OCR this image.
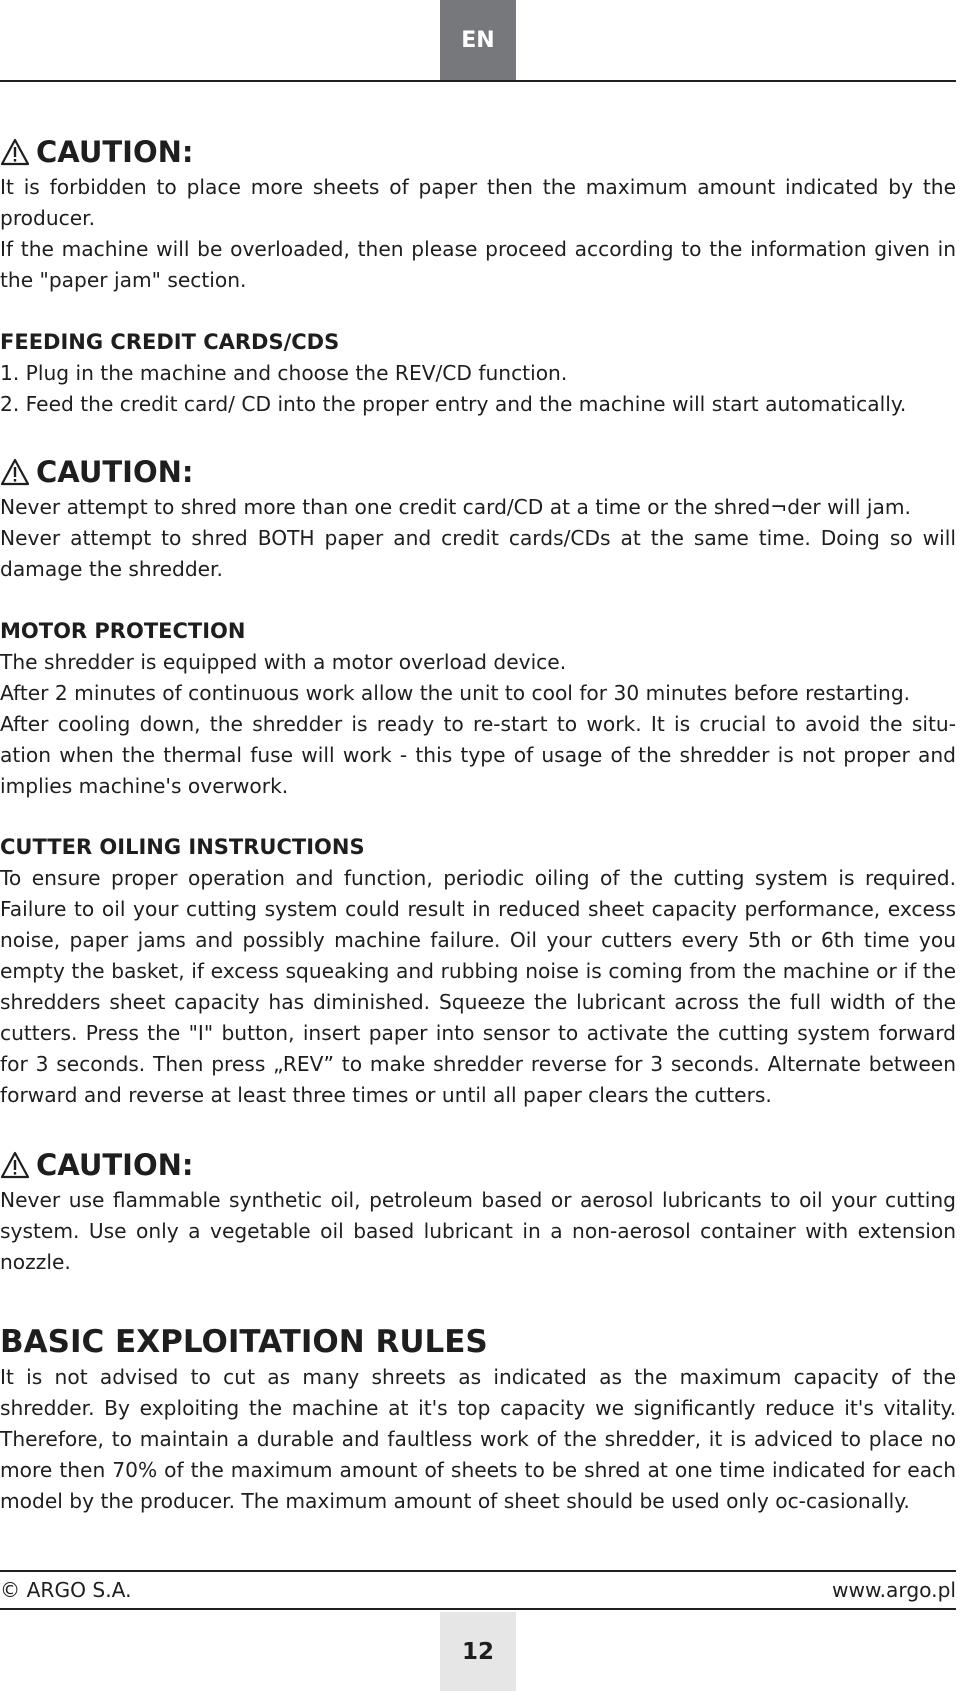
EN
CAUTION:

It is forbidden to place more sheets of paper then the maximum amount indicated by the producer.

If the machine will be overloaded, then please proceed according to the information given in the "paper jam" section.

FEEDING CREDIT CARDS/CDS

1. Plug in the machine and choose the REV/CD function.

2. Feed the credit card/ CD into the proper entry and the machine will start automatically.

CAUTION:

Never attempt to shred more than one credit card/CD at a time or the shred¬der will jam.

Never attempt to shred BOTH paper and credit cards/CDs at the same time. Doing so will damage the shredder.

MOTOR PROTECTION

The shredder is equipped with a motor overload device.

After 2 minutes of continuous work allow the unit to cool for 30 minutes before restarting.

After cooling down, the shredder is ready to re-start to work. It is crucial to avoid the situ-ation when the thermal fuse will work - this type of usage of the shredder is not proper and implies machine's overwork.

CUTTER OILING INSTRUCTIONS

To ensure proper operation and function, periodic oiling of the cutting system is required. Failure to oil your cutting system could result in reduced sheet capacity performance, excess noise, paper jams and possibly machine failure. Oil your cutters every 5th or 6th time you empty the basket, if excess squeaking and rubbing noise is coming from the machine or if the shredders sheet capacity has diminished. Squeeze the lubricant across the full width of the cutters. Press the "I" button, insert paper into sensor to activate the cutting system forward for 3 seconds. Then press „REV” to make shredder reverse for 3 seconds. Alternate between forward and reverse at least three times or until all paper clears the cutters.

CAUTION:

Never use flammable synthetic oil, petroleum based or aerosol lubricants to oil your cutting system. Use only a vegetable oil based lubricant in a non-aerosol container with extension nozzle.

BASIC EXPLOITATION RULES

It is not advised to cut as many shreets as indicated as the maximum capacity of the shredder. By exploiting the machine at it's top capacity we significantly reduce it's vitality. Therefore, to maintain a durable and faultless work of the shredder, it is adviced to place no more then 70% of the maximum amount of sheets to be shred at one time indicated for each model by the producer. The maximum amount of sheet should be used only oc-casionally.

© ARGO S.A.	www.argo.pl
12
